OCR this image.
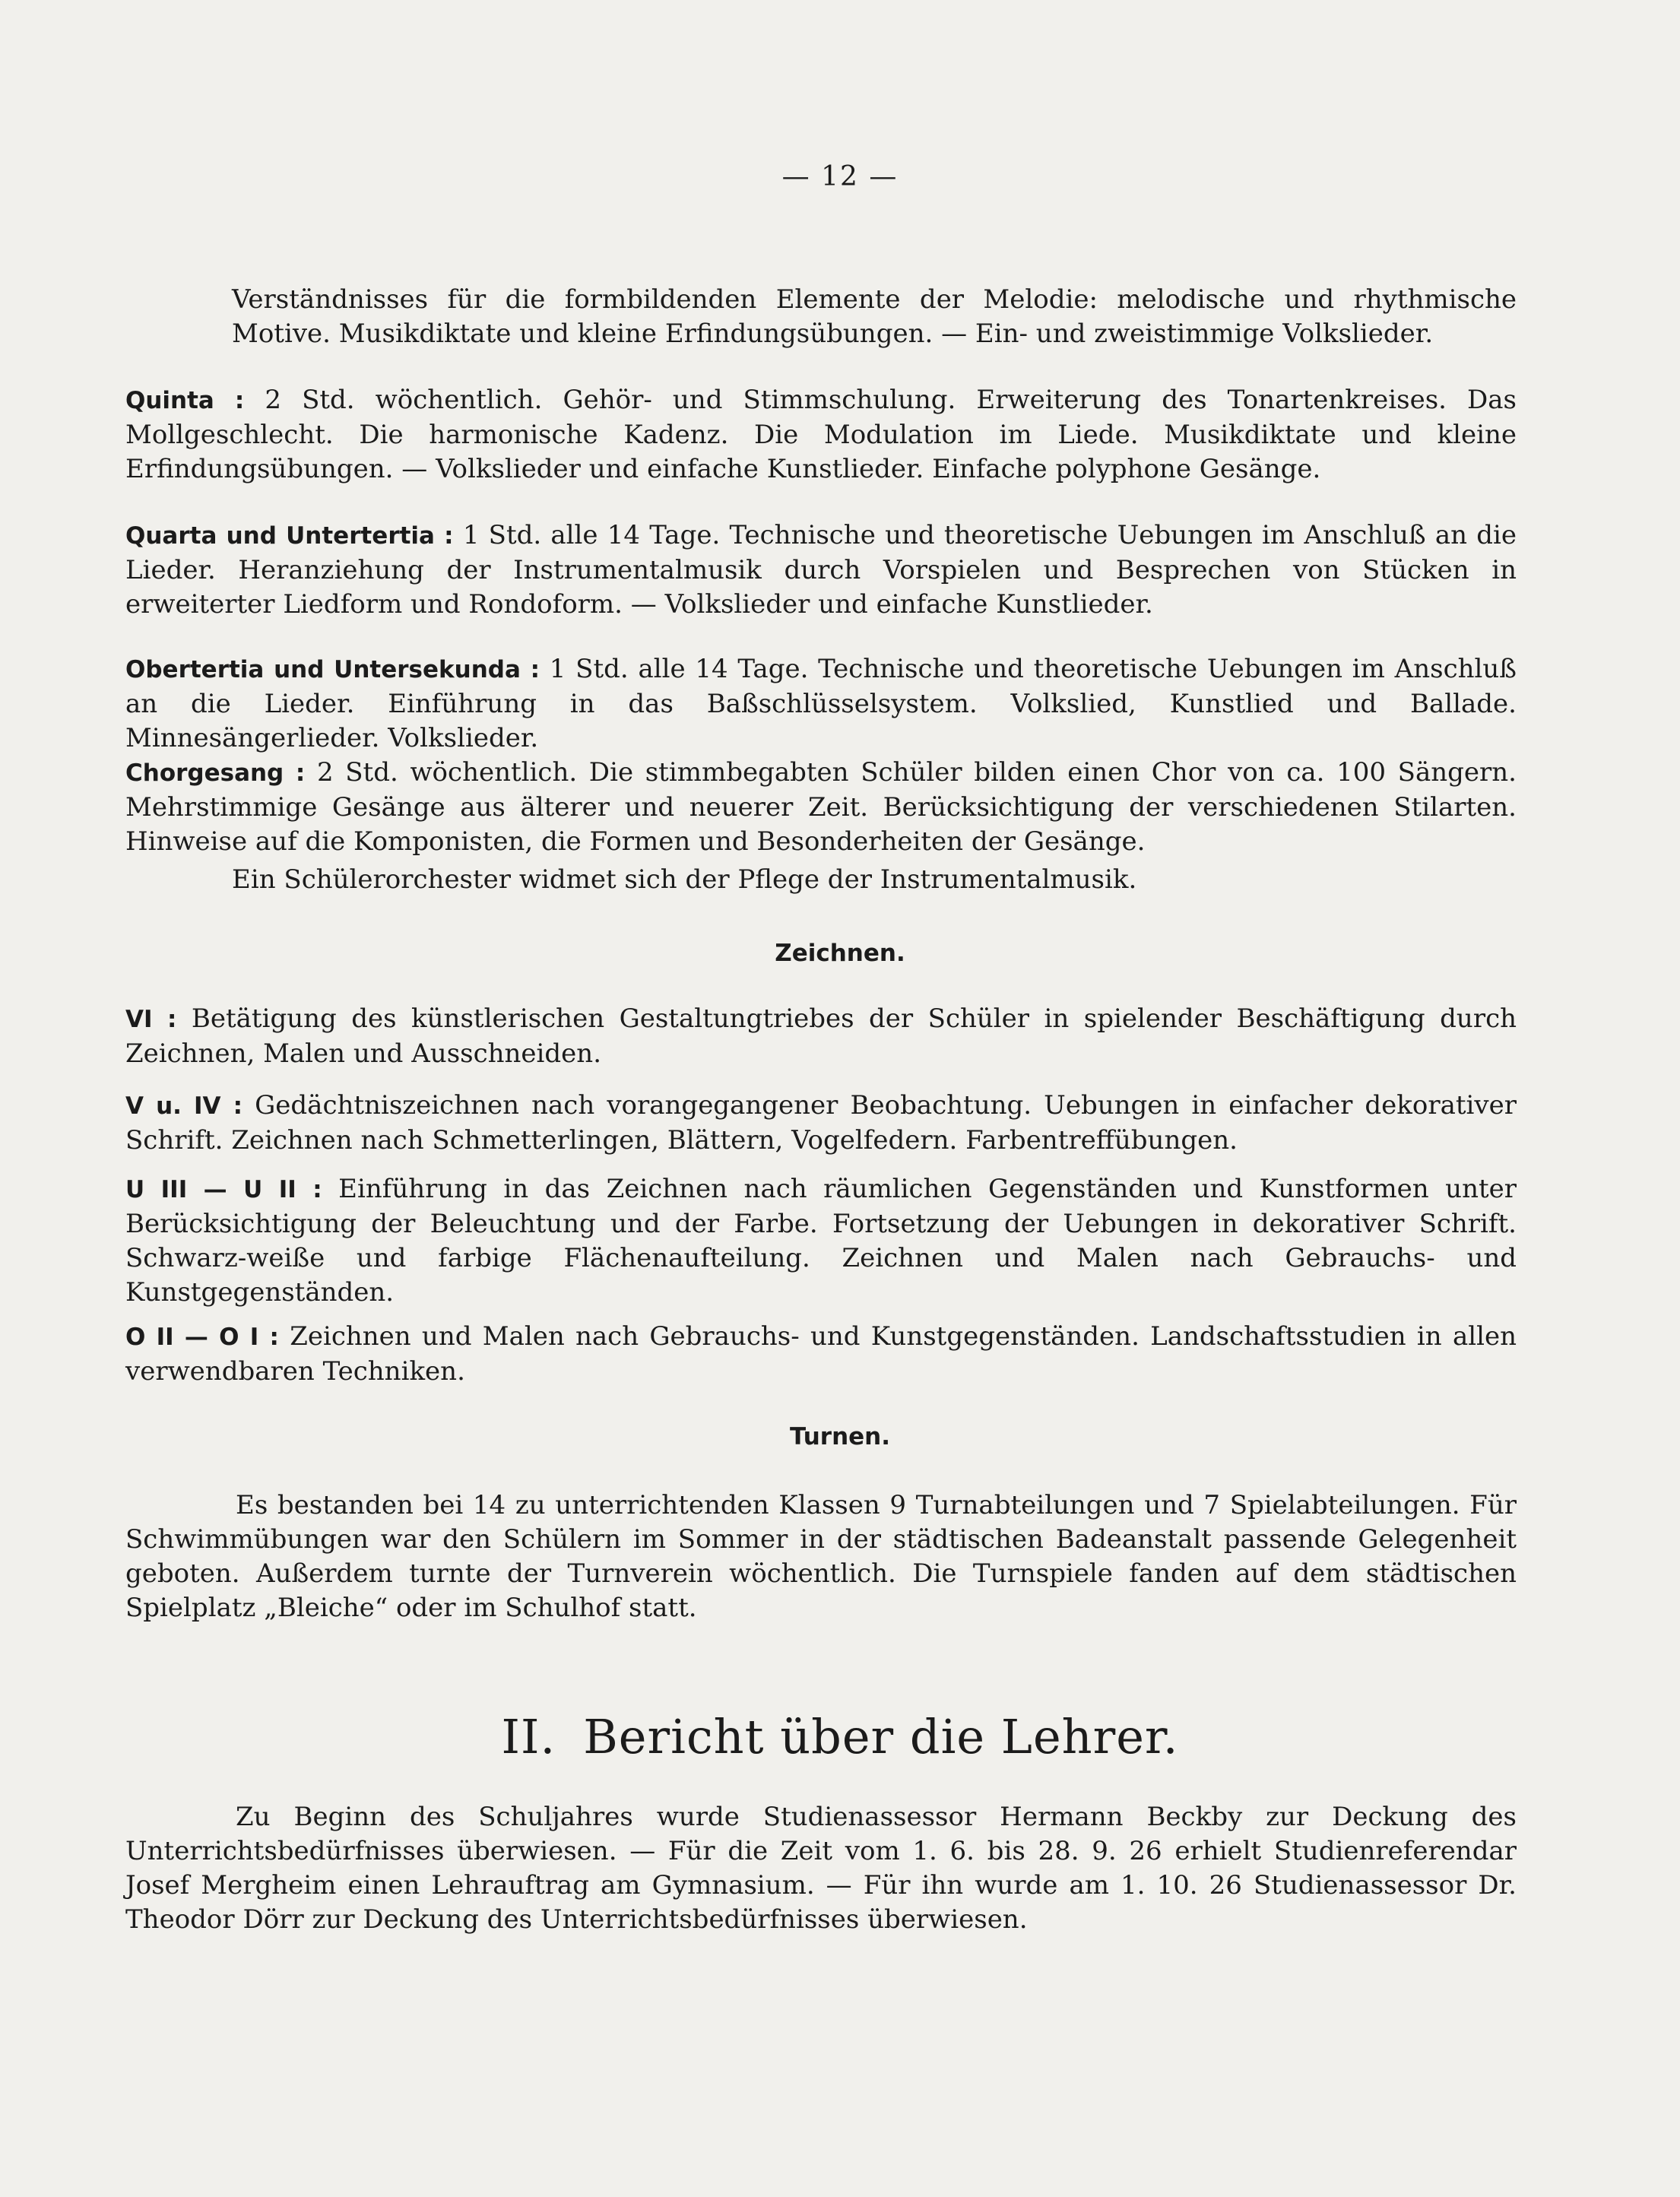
— 12 —
Verständnisses für die formbildenden Elemente der Melodie: melodische und rhythmische Motive. Musikdiktate und kleine Erfindungsübungen. — Ein- und zweistimmige Volkslieder.
Quinta : 2 Std. wöchentlich. Gehör- und Stimmschulung. Erweiterung des Tonartenkreises. Das Mollgeschlecht. Die harmonische Kadenz. Die Modulation im Liede. Musikdiktate und kleine Erfindungsübungen. — Volkslieder und einfache Kunstlieder. Einfache polyphone Gesänge.
Quarta und Untertertia : 1 Std. alle 14 Tage. Technische und theoretische Uebungen im Anschluß an die Lieder. Heranziehung der Instrumentalmusik durch Vorspielen und Besprechen von Stücken in erweiterter Liedform und Rondoform. — Volkslieder und einfache Kunstlieder.
Obertertia und Untersekunda : 1 Std. alle 14 Tage. Technische und theoretische Uebungen im Anschluß an die Lieder. Einführung in das Baßschlüsselsystem. Volkslied, Kunstlied und Ballade. Minnesängerlieder. Volkslieder.
Chorgesang : 2 Std. wöchentlich. Die stimmbegabten Schüler bilden einen Chor von ca. 100 Sängern. Mehrstimmige Gesänge aus älterer und neuerer Zeit. Berücksichtigung der verschiedenen Stilarten. Hinweise auf die Komponisten, die Formen und Besonderheiten der Gesänge.
Ein Schülerorchester widmet sich der Pflege der Instrumentalmusik.
Zeichnen.
VI : Betätigung des künstlerischen Gestaltungtriebes der Schüler in spielender Beschäftigung durch Zeichnen, Malen und Ausschneiden.
V u. IV : Gedächtniszeichnen nach vorangegangener Beobachtung. Uebungen in einfacher dekorativer Schrift. Zeichnen nach Schmetterlingen, Blättern, Vogelfedern. Farbentreffübungen.
U III — U II : Einführung in das Zeichnen nach räumlichen Gegenständen und Kunstformen unter Berücksichtigung der Beleuchtung und der Farbe. Fortsetzung der Uebungen in dekorativer Schrift. Schwarz-weiße und farbige Flächenaufteilung. Zeichnen und Malen nach Gebrauchs- und Kunstgegenständen.
O II — O I : Zeichnen und Malen nach Gebrauchs- und Kunstgegenständen. Landschaftsstudien in allen verwendbaren Techniken.
Turnen.
Es bestanden bei 14 zu unterrichtenden Klassen 9 Turnabteilungen und 7 Spielabteilungen. Für Schwimmübungen war den Schülern im Sommer in der städtischen Badeanstalt passende Gelegenheit geboten. Außerdem turnte der Turnverein wöchentlich. Die Turnspiele fanden auf dem städtischen Spielplatz „Bleiche“ oder im Schulhof statt.
II. Bericht über die Lehrer.
Zu Beginn des Schuljahres wurde Studienassessor Hermann Beckby zur Deckung des Unterrichtsbedürfnisses überwiesen. — Für die Zeit vom 1. 6. bis 28. 9. 26 erhielt Studienreferendar Josef Mergheim einen Lehrauftrag am Gymnasium. — Für ihn wurde am 1. 10. 26 Studienassessor Dr. Theodor Dörr zur Deckung des Unterrichtsbedürfnisses überwiesen.
